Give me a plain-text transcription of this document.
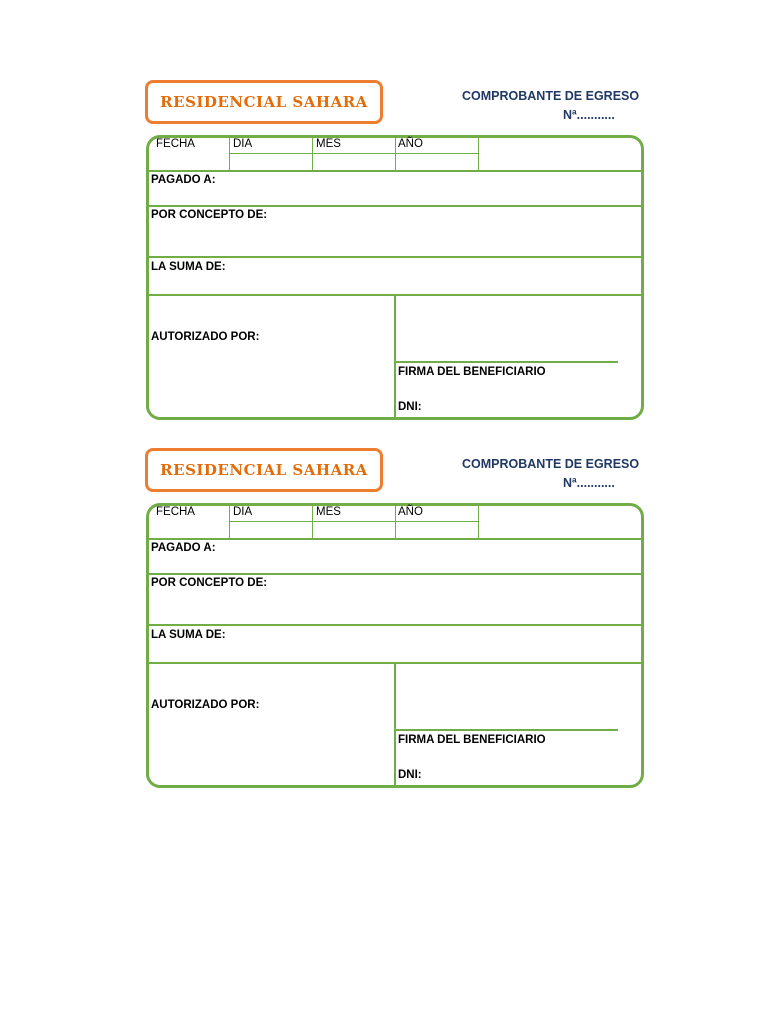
RESIDENCIAL SAHARA	COMPROBANTE DE EGRESO
Nª...........
FECHA	DIA	MES	AÑO
PAGADO A:
POR CONCEPTO DE:
LA SUMA DE:
AUTORIZADO POR:
FIRMA DEL BENEFICIARIO
DNI:
RESIDENCIAL SAHARA	COMPROBANTE DE EGRESO
Nª...........
FECHA	DIA	MES	AÑO
PAGADO A:
POR CONCEPTO DE:
LA SUMA DE:
AUTORIZADO POR:
FIRMA DEL BENEFICIARIO
DNI:
